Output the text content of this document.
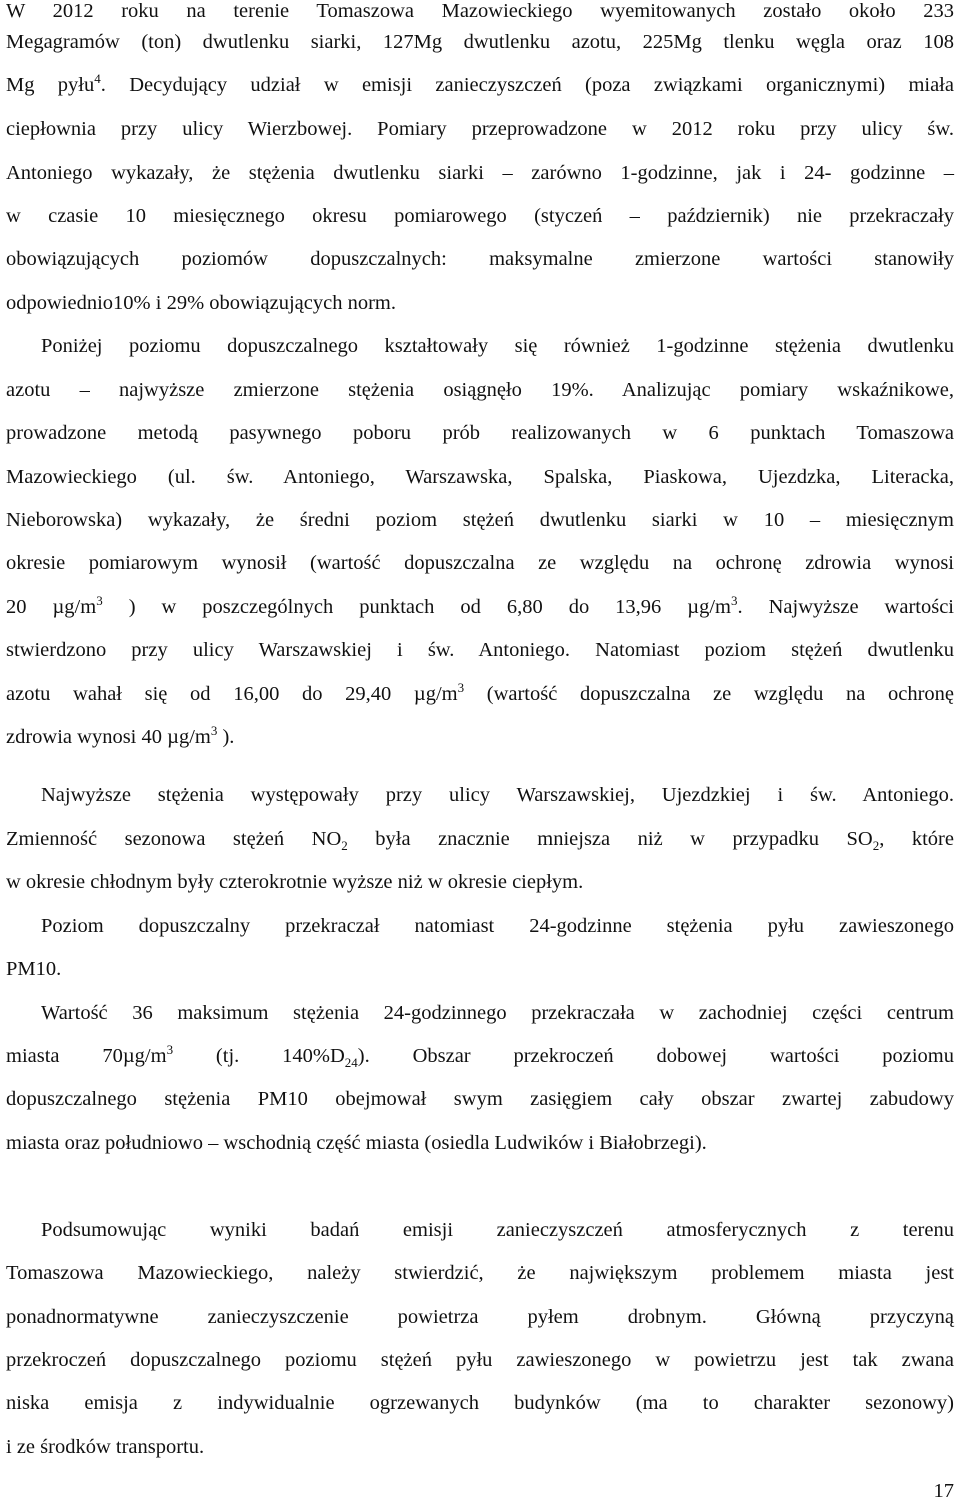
W 2012 roku na terenie Tomaszowa Mazowieckiego wyemitowanych zostało około 233
Megagramów (ton) dwutlenku siarki, 127Mg dwutlenku azotu, 225Mg tlenku węgla oraz 108
Mg pyłu$^4$. Decydujący udział w emisji zanieczyszczeń (poza związkami organicznymi) miała
ciepłownia przy ulicy Wierzbowej. Pomiary przeprowadzone w 2012 roku przy ulicy św.
Antoniego wykazały, że stężenia dwutlenku siarki – zarówno 1-godzinne, jak i 24- godzinne –
w czasie 10 miesięcznego okresu pomiarowego (styczeń – październik) nie przekraczały
obowiązujących poziomów dopuszczalnych: maksymalne zmierzone wartości stanowiły
odpowiednio10% i 29% obowiązujących norm.
Poniżej poziomu dopuszczalnego kształtowały się również 1-godzinne stężenia dwutlenku
azotu – najwyższe zmierzone stężenia osiągnęło 19%. Analizując pomiary wskaźnikowe,
prowadzone metodą pasywnego poboru prób realizowanych w 6 punktach Tomaszowa
Mazowieckiego (ul. św. Antoniego, Warszawska, Spalska, Piaskowa, Ujezdzka, Literacka,
Nieborowska) wykazały, że średni poziom stężeń dwutlenku siarki w 10 – miesięcznym
okresie pomiarowym wynosił (wartość dopuszczalna ze względu na ochronę zdrowia wynosi
20 $\mu g/m^3$ ) w poszczególnych punktach od 6,80 do 13,96 $\mu g/m^3$. Najwyższe wartości
stwierdzono przy ulicy Warszawskiej i św. Antoniego. Natomiast poziom stężeń dwutlenku
azotu wahał się od 16,00 do 29,40 $\mu g/m^3$ (wartość dopuszczalna ze względu na ochronę
zdrowia wynosi 40 $\mu g/m^3$ ).
Najwyższe stężenia występowały przy ulicy Warszawskiej, Ujezdzkiej i św. Antoniego.
Zmienność sezonowa stężeń $NO_2$ była znacznie mniejsza niż w przypadku $SO_2$, które
w okresie chłodnym były czterokrotnie wyższe niż w okresie ciepłym.
Poziom dopuszczalny przekraczał natomiast 24-godzinne stężenia pyłu zawieszonego
PM10.
Wartość 36 maksimum stężenia 24-godzinnego przekraczała w zachodniej części centrum
miasta $70\mu g/m^3$ (tj. $140\%D_{24}$). Obszar przekroczeń dobowej wartości poziomu
dopuszczalnego stężenia PM10 obejmował swym zasięgiem cały obszar zwartej zabudowy
miasta oraz południowo – wschodnią część miasta (osiedla Ludwików i Białobrzegi).
Podsumowując wyniki badań emisji zanieczyszczeń atmosferycznych z terenu
Tomaszowa Mazowieckiego, należy stwierdzić, że największym problemem miasta jest
ponadnormatywne zanieczyszczenie powietrza pyłem drobnym. Główną przyczyną
przekroczeń dopuszczalnego poziomu stężeń pyłu zawieszonego w powietrzu jest tak zwana
niska emisja z indywidualnie ogrzewanych budynków (ma to charakter sezonowy)
i ze środków transportu.
17
